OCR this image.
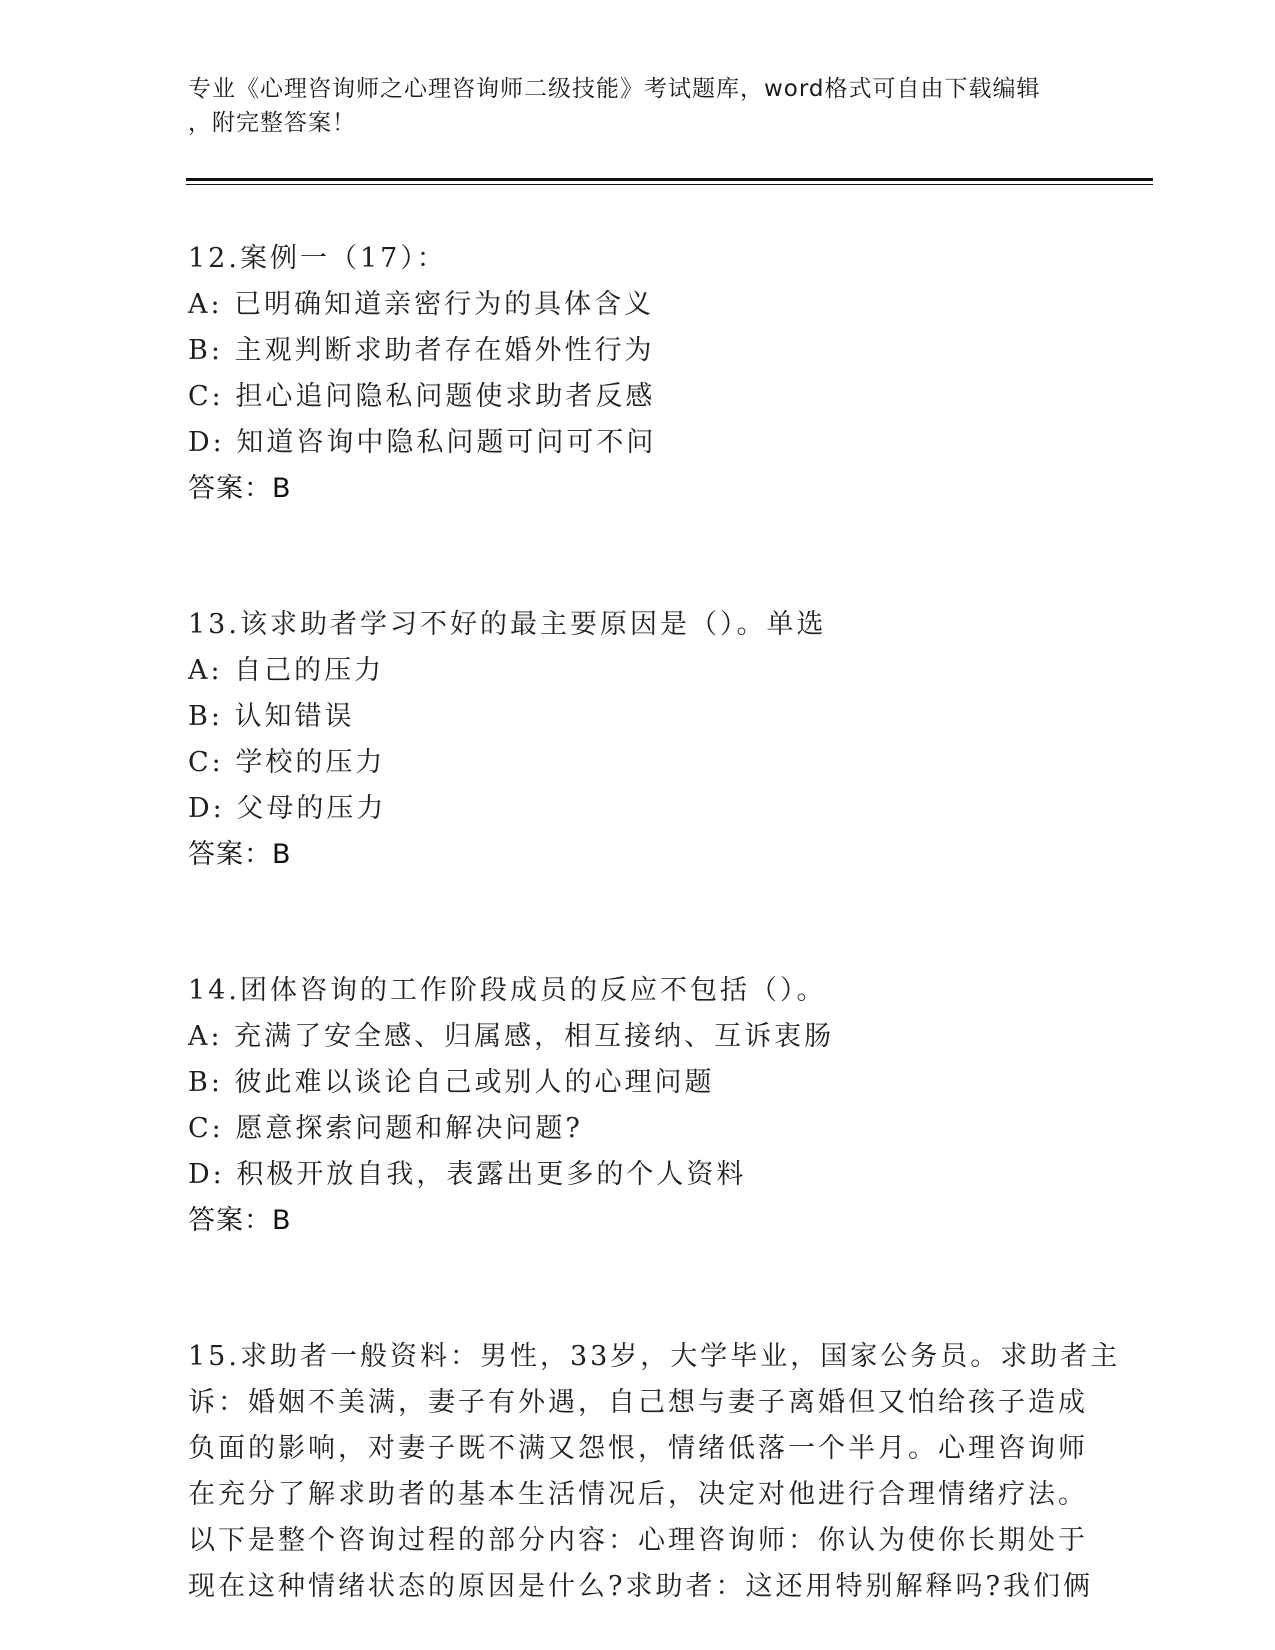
专业《心理咨询师之心理咨询师二级技能》考试题库，word格式可自由下载编辑
，附完整答案！
12.案例一（17）：
A: 已明确知道亲密行为的具体含义
B: 主观判断求助者存在婚外性行为
C: 担心追问隐私问题使求助者反感
D: 知道咨询中隐私问题可问可不问
答案：B
13.该求助者学习不好的最主要原因是（）。单选
A: 自己的压力
B: 认知错误
C: 学校的压力
D: 父母的压力
答案：B
14.团体咨询的工作阶段成员的反应不包括（）。
A: 充满了安全感、归属感，相互接纳、互诉衷肠
B: 彼此难以谈论自己或别人的心理问题
C: 愿意探索问题和解决问题?
D: 积极开放自我，表露出更多的个人资料
答案：B
15.求助者一般资料：男性，33岁，大学毕业，国家公务员。求助者主
诉：婚姻不美满，妻子有外遇，自己想与妻子离婚但又怕给孩子造成
负面的影响，对妻子既不满又怨恨，情绪低落一个半月。心理咨询师
在充分了解求助者的基本生活情况后，决定对他进行合理情绪疗法。
以下是整个咨询过程的部分内容：心理咨询师：你认为使你长期处于
现在这种情绪状态的原因是什么?求助者：这还用特别解释吗?我们俩
